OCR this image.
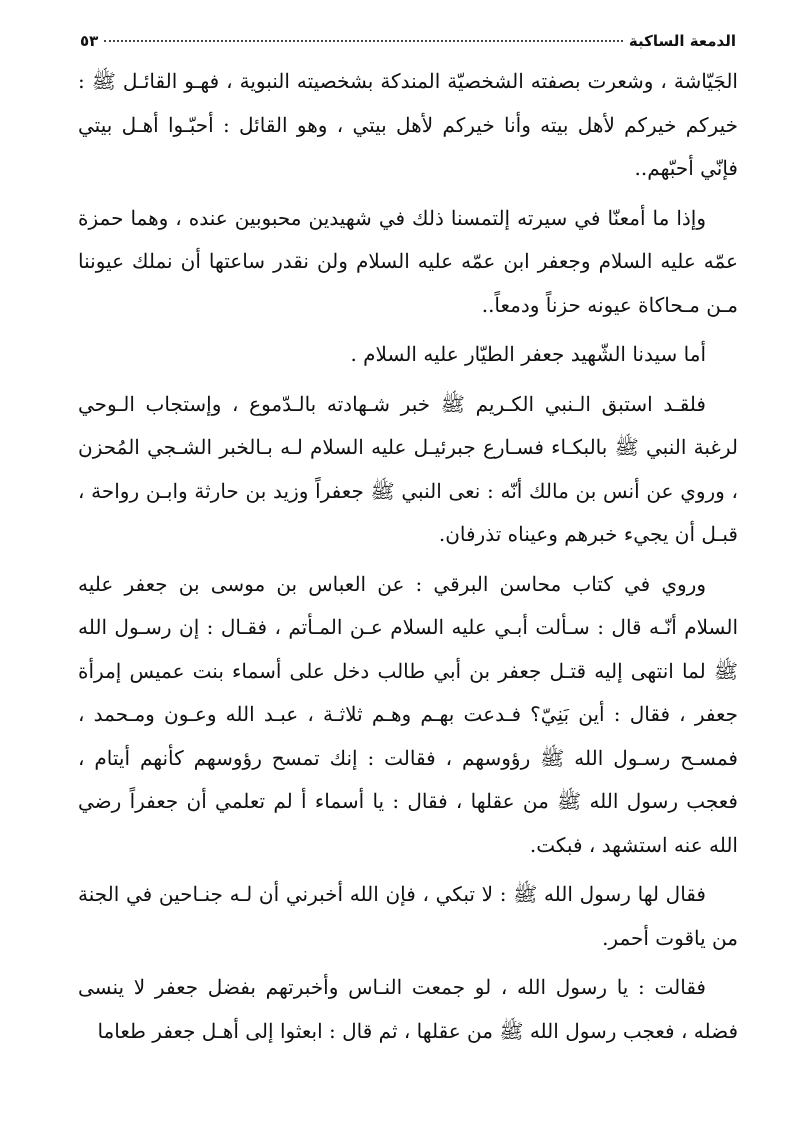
الدمعة الساكبة
٥٣

الجَيّاشة ، وشعرت بصفته الشخصيّة المندكة بشخصيته النبوية ، فهـو القائـل ﷺ : خيركم خيركم لأهل بيته وأنا خيركم لأهل بيتي ، وهو القائل : أحبّـوا أهـل بيتي فإنّي أحبّهم..

وإذا ما أمعنّا في سيرته إلتمسنا ذلك في شهيدين محبوبين عنده ، وهما حمزة عمّه عليه السلام وجعفر ابن عمّه عليه السلام ولن نقدر ساعتها أن نملك عيوننا مـن مـحاكاة عيونه حزناً ودمعاً..

أما سيدنا الشّهيد جعفر الطيّار عليه السلام .

فلقـد استبق الـنبي الكـريم ﷺ خبر شـهادته بالـدّموع ، وإستجاب الـوحي لرغبة النبي ﷺ بالبكـاء فسـارع جبرئيـل عليه السلام لـه بـالخبر الشـجي المُحزن ، وروي عن أنس بن مالك أنّه : نعى النبي ﷺ جعفراً وزيد بن حارثة وابـن رواحة ، قبـل أن يجيء خبرهم وعيناه تذرفان.

وروي في كتاب محاسن البرقي : عن العباس بن موسى بن جعفر عليه السلام أنّـه قال : سـألت أبـي عليه السلام عـن المـأتم ، فقـال : إن رسـول الله ﷺ لما انتهى إليه قتـل جعفر بن أبي طالب دخل على أسماء بنت عميس إمرأة جعفر ، فقال : أين بَنِيّ؟ فـدعت بهـم وهـم ثلاثـة ، عبـد الله وعـون ومـحمد ، فمسـح رسـول الله ﷺ رؤوسهم ، فقالت : إنك تمسح رؤوسهم كأنهم أيتام ، فعجب رسول الله ﷺ من عقلها ، فقال : يا أسماء أ لم تعلمي أن جعفراً رضي الله عنه استشهد ، فبكت.

فقال لها رسول الله ﷺ : لا تبكي ، فإن الله أخبرني أن لـه جنـاحين في الجنة من ياقوت أحمر.

فقالت : يا رسول الله ، لو جمعت النـاس وأخبرتهم بفضل جعفر لا ينسى فضله ، فعجب رسول الله ﷺ من عقلها ، ثم قال : ابعثوا إلى أهـل جعفر طعاما
